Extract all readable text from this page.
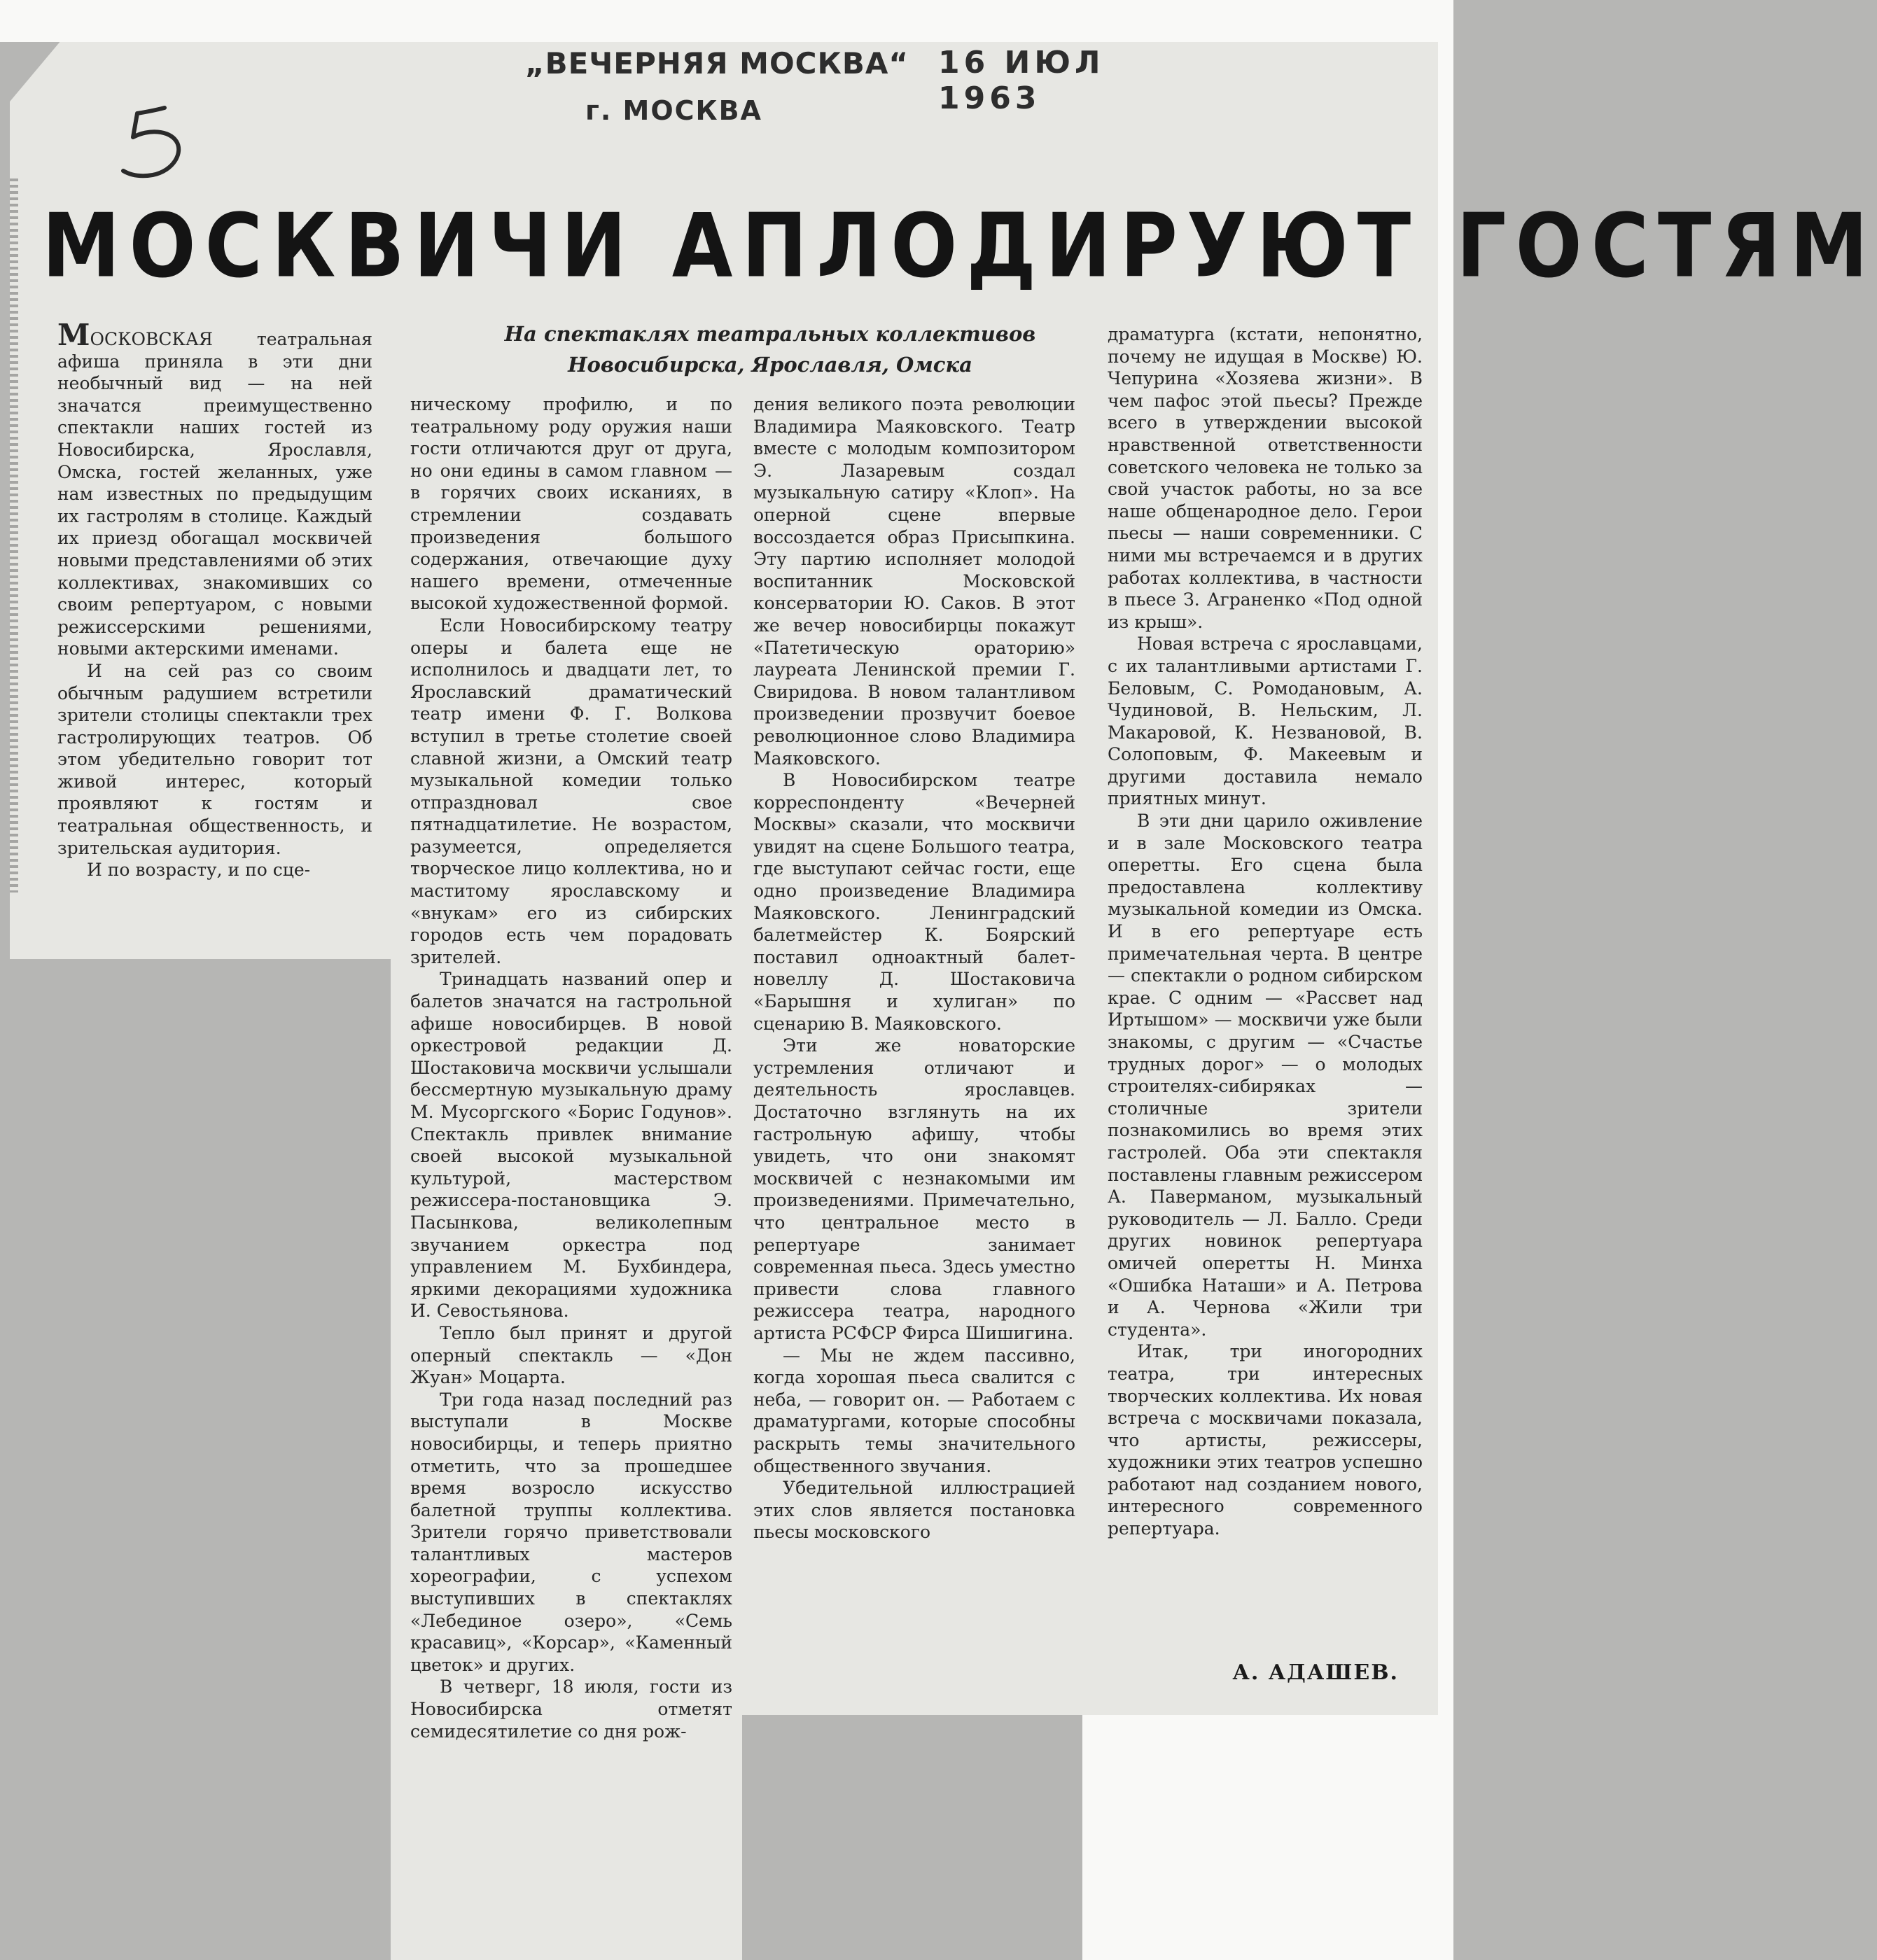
„ВЕЧЕРНЯЯ МОСКВА“ 16 ИЮЛ 1963
г. МОСКВА
МОСКВИЧИ АПЛОДИРУЮТ ГОСТЯМ
На спектаклях театральных коллективов
Новосибирска, Ярославля, Омска

МОСКОВСКАЯ театральная афиша приняла в эти дни необычный вид — на ней значатся преимущественно спектакли наших гостей из Новосибирска, Ярославля, Омска, гостей желанных, уже нам известных по предыдущим их гастролям в столице. Каждый их приезд обогащал москвичей новыми представлениями об этих коллективах, знакомивших со своим репертуаром, с новыми режиссерскими решениями, новыми актерскими именами.

И на сей раз со своим обычным радушием встретили зрители столицы спектакли трех гастролирующих театров. Об этом убедительно говорит тот живой интерес, который проявляют к гостям и театральная общественность, и зрительская аудитория.

И по возрасту, и по сце-

ническому профилю, и по театральному роду оружия наши гости отличаются друг от друга, но они едины в самом главном — в горячих своих исканиях, в стремлении создавать произведения большого содержания, отвечающие духу нашего времени, отмеченные высокой художественной формой.

Если Новосибирскому театру оперы и балета еще не исполнилось и двадцати лет, то Ярославский драматический театр имени Ф. Г. Волкова вступил в третье столетие своей славной жизни, а Омский театр музыкальной комедии только отпраздновал свое пятнадцатилетие. Не возрастом, разумеется, определяется творческое лицо коллектива, но и маститому ярославскому и «внукам» его из сибирских городов есть чем порадовать зрителей.

Тринадцать названий опер и балетов значатся на гастрольной афише новосибирцев. В новой оркестровой редакции Д. Шостаковича москвичи услышали бессмертную музыкальную драму М. Мусоргского «Борис Годунов». Спектакль привлек внимание своей высокой музыкальной культурой, мастерством режиссера-постановщика Э. Пасынкова, великолепным звучанием оркестра под управлением М. Бухбиндера, яркими декорациями художника И. Севостьянова.

Тепло был принят и другой оперный спектакль — «Дон Жуан» Моцарта.

Три года назад последний раз выступали в Москве новосибирцы, и теперь приятно отметить, что за прошедшее время возросло искусство балетной труппы коллектива. Зрители горячо приветствовали талантливых мастеров хореографии, с успехом выступивших в спектаклях «Лебединое озеро», «Семь красавиц», «Корсар», «Каменный цветок» и других.

В четверг, 18 июля, гости из Новосибирска отметят семидесятилетие со дня рож-

дения великого поэта революции Владимира Маяковского. Театр вместе с молодым композитором Э. Лазаревым создал музыкальную сатиру «Клоп». На оперной сцене впервые воссоздается образ Присыпкина. Эту партию исполняет молодой воспитанник Московской консерватории Ю. Саков. В этот же вечер новосибирцы покажут «Патетическую ораторию» лауреата Ленинской премии Г. Свиридова. В новом талантливом произведении прозвучит боевое революционное слово Владимира Маяковского.

В Новосибирском театре корреспонденту «Вечерней Москвы» сказали, что москвичи увидят на сцене Большого театра, где выступают сейчас гости, еще одно произведение Владимира Маяковского. Ленинградский балетмейстер К. Боярский поставил одноактный балет-новеллу Д. Шостаковича «Барышня и хулиган» по сценарию В. Маяковского.

Эти же новаторские устремления отличают и деятельность ярославцев. Достаточно взглянуть на их гастрольную афишу, чтобы увидеть, что они знакомят москвичей с незнакомыми им произведениями. Примечательно, что центральное место в репертуаре занимает современная пьеса. Здесь уместно привести слова главного режиссера театра, народного артиста РСФСР Фирса Шишигина.

— Мы не ждем пассивно, когда хорошая пьеса свалится с неба, — говорит он. — Работаем с драматургами, которые способны раскрыть темы значительного общественного звучания.

Убедительной иллюстрацией этих слов является постановка пьесы московского

драматурга (кстати, непонятно, почему не идущая в Москве) Ю. Чепурина «Хозяева жизни». В чем пафос этой пьесы? Прежде всего в утверждении высокой нравственной ответственности советского человека не только за свой участок работы, но за все наше общенародное дело. Герои пьесы — наши современники. С ними мы встречаемся и в других работах коллектива, в частности в пьесе З. Аграненко «Под одной из крыш».

Новая встреча с ярославцами, с их талантливыми артистами Г. Беловым, С. Ромодановым, А. Чудиновой, В. Нельским, Л. Макаровой, К. Незвановой, В. Солоповым, Ф. Макеевым и другими доставила немало приятных минут.

В эти дни царило оживление и в зале Московского театра оперетты. Его сцена была предоставлена коллективу музыкальной комедии из Омска. И в его репертуаре есть примечательная черта. В центре — спектакли о родном сибирском крае. С одним — «Рассвет над Иртышом» — москвичи уже были знакомы, с другим — «Счастье трудных дорог» — о молодых строителях-сибиряках — столичные зрители познакомились во время этих гастролей. Оба эти спектакля поставлены главным режиссером А. Паверманом, музыкальный руководитель — Л. Балло. Среди других новинок репертуара омичей оперетты Н. Минха «Ошибка Наташи» и А. Петрова и А. Чернова «Жили три студента».

Итак, три иногородних театра, три интересных творческих коллектива. Их новая встреча с москвичами показала, что артисты, режиссеры, художники этих театров успешно работают над созданием нового, интересного современного репертуара.

А. АДАШЕВ.
